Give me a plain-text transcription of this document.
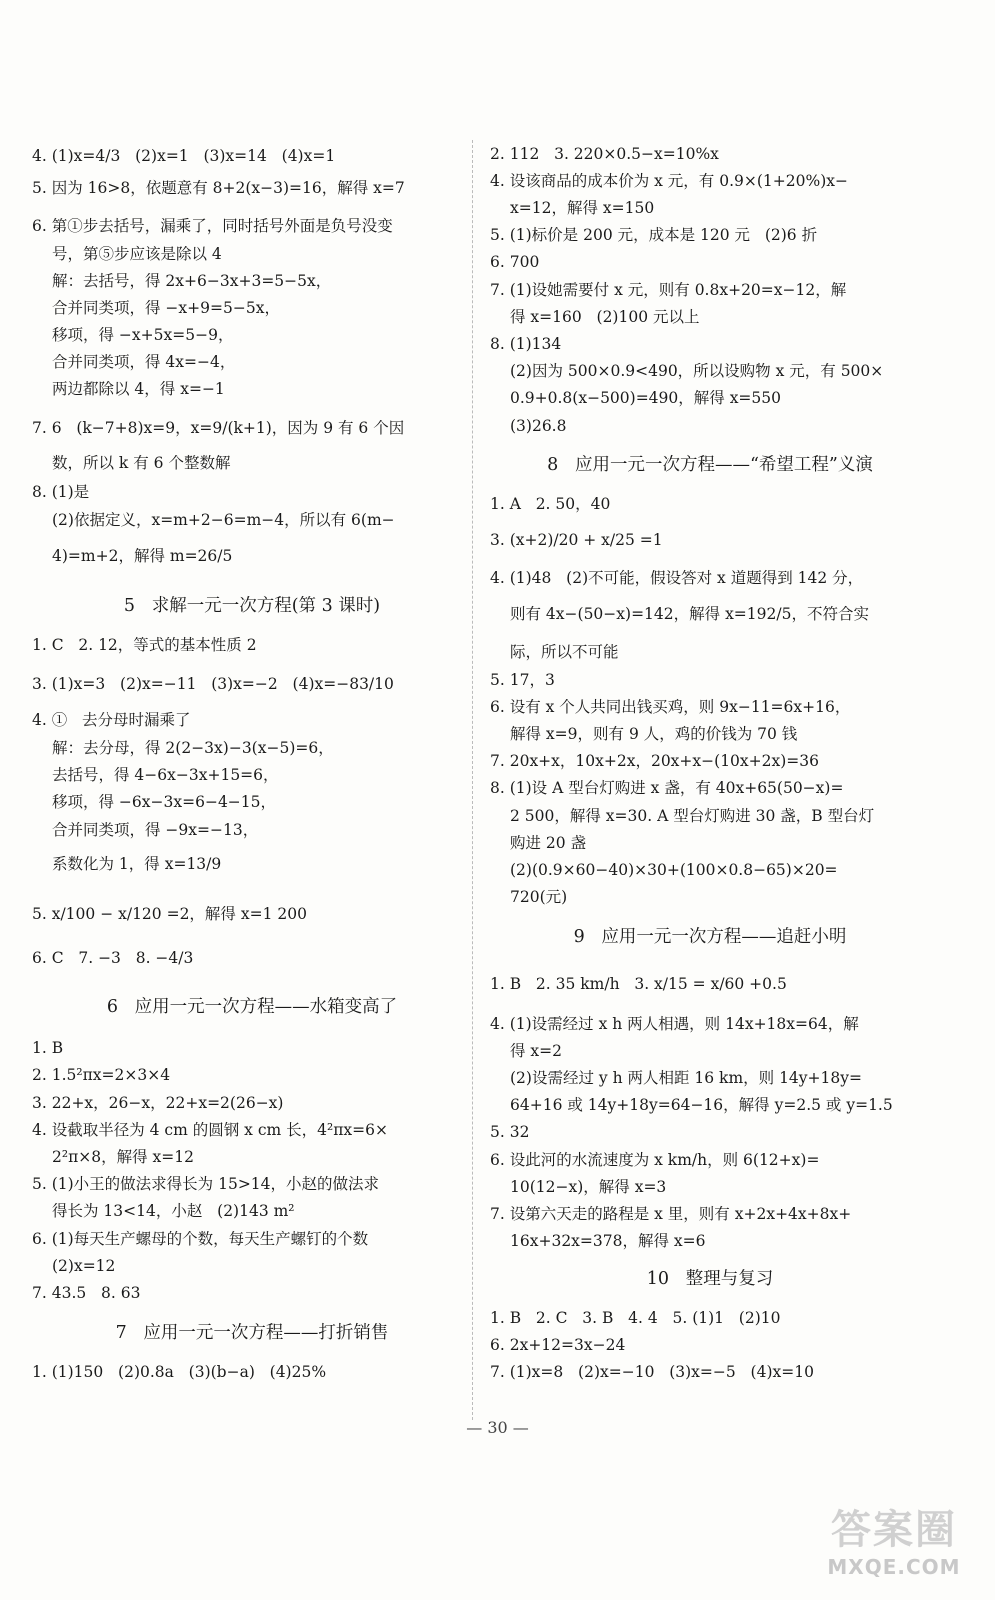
4. (1)x=4/3   (2)x=1   (3)x=14   (4)x=1
5. 因为 16>8，依题意有 8+2(x−3)=16，解得 x=7
6. 第①步去括号，漏乘了，同时括号外面是负号没变
号，第⑤步应该是除以 4
解：去括号，得 2x+6−3x+3=5−5x，
合并同类项，得 −x+9=5−5x，
移项，得 −x+5x=5−9，
合并同类项，得 4x=−4，
两边都除以 4，得 x=−1
7. 6   (k−7+8)x=9，x=9/(k+1)，因为 9 有 6 个因
数，所以 k 有 6 个整数解
8. (1)是
(2)依据定义，x=m+2−6=m−4，所以有 6(m−
4)=m+2，解得 m=26/5
5   求解一元一次方程(第 3 课时)
1. C   2. 12，等式的基本性质 2
3. (1)x=3   (2)x=−11   (3)x=−2   (4)x=−83/10
4. ①   去分母时漏乘了
解：去分母，得 2(2−3x)−3(x−5)=6，
去括号，得 4−6x−3x+15=6，
移项，得 −6x−3x=6−4−15，
合并同类项，得 −9x=−13，
系数化为 1，得 x=13/9
5. x/100 − x/120 =2，解得 x=1 200
6. C   7. −3   8. −4/3
6   应用一元一次方程——水箱变高了
1. B
2. 1.5²πx=2×3×4
3. 22+x，26−x，22+x=2(26−x)
4. 设截取半径为 4 cm 的圆钢 x cm 长，4²πx=6×
2²π×8，解得 x=12
5. (1)小王的做法求得长为 15>14，小赵的做法求
得长为 13<14，小赵   (2)143 m²
6. (1)每天生产螺母的个数，每天生产螺钉的个数
(2)x=12
7. 43.5   8. 63
7   应用一元一次方程——打折销售
1. (1)150   (2)0.8a   (3)(b−a)   (4)25%
2. 112   3. 220×0.5−x=10%x
4. 设该商品的成本价为 x 元，有 0.9×(1+20%)x−
x=12，解得 x=150
5. (1)标价是 200 元，成本是 120 元   (2)6 折
6. 700
7. (1)设她需要付 x 元，则有 0.8x+20=x−12，解
得 x=160   (2)100 元以上
8. (1)134
(2)因为 500×0.9<490，所以设购物 x 元，有 500×
0.9+0.8(x−500)=490，解得 x=550
(3)26.8
8   应用一元一次方程——“希望工程”义演
1. A   2. 50，40
3. (x+2)/20 + x/25 =1
4. (1)48   (2)不可能，假设答对 x 道题得到 142 分，
则有 4x−(50−x)=142，解得 x=192/5，不符合实
际，所以不可能
5. 17，3
6. 设有 x 个人共同出钱买鸡，则 9x−11=6x+16，
解得 x=9，则有 9 人，鸡的价钱为 70 钱
7. 20x+x，10x+2x，20x+x−(10x+2x)=36
8. (1)设 A 型台灯购进 x 盏，有 40x+65(50−x)=
2 500，解得 x=30. A 型台灯购进 30 盏，B 型台灯
购进 20 盏
(2)(0.9×60−40)×30+(100×0.8−65)×20=
720(元)
9   应用一元一次方程——追赶小明
1. B   2. 35 km/h   3. x/15 = x/60 +0.5
4. (1)设需经过 x h 两人相遇，则 14x+18x=64，解
得 x=2
(2)设需经过 y h 两人相距 16 km，则 14y+18y=
64+16 或 14y+18y=64−16，解得 y=2.5 或 y=1.5
5. 32
6. 设此河的水流速度为 x km/h，则 6(12+x)=
10(12−x)，解得 x=3
7. 设第六天走的路程是 x 里，则有 x+2x+4x+8x+
16x+32x=378，解得 x=6
10   整理与复习
1. B   2. C   3. B   4. 4   5. (1)1   (2)10
6. 2x+12=3x−24
7. (1)x=8   (2)x=−10   (3)x=−5   (4)x=10
— 30 —
答案圈
MXQE.COM
